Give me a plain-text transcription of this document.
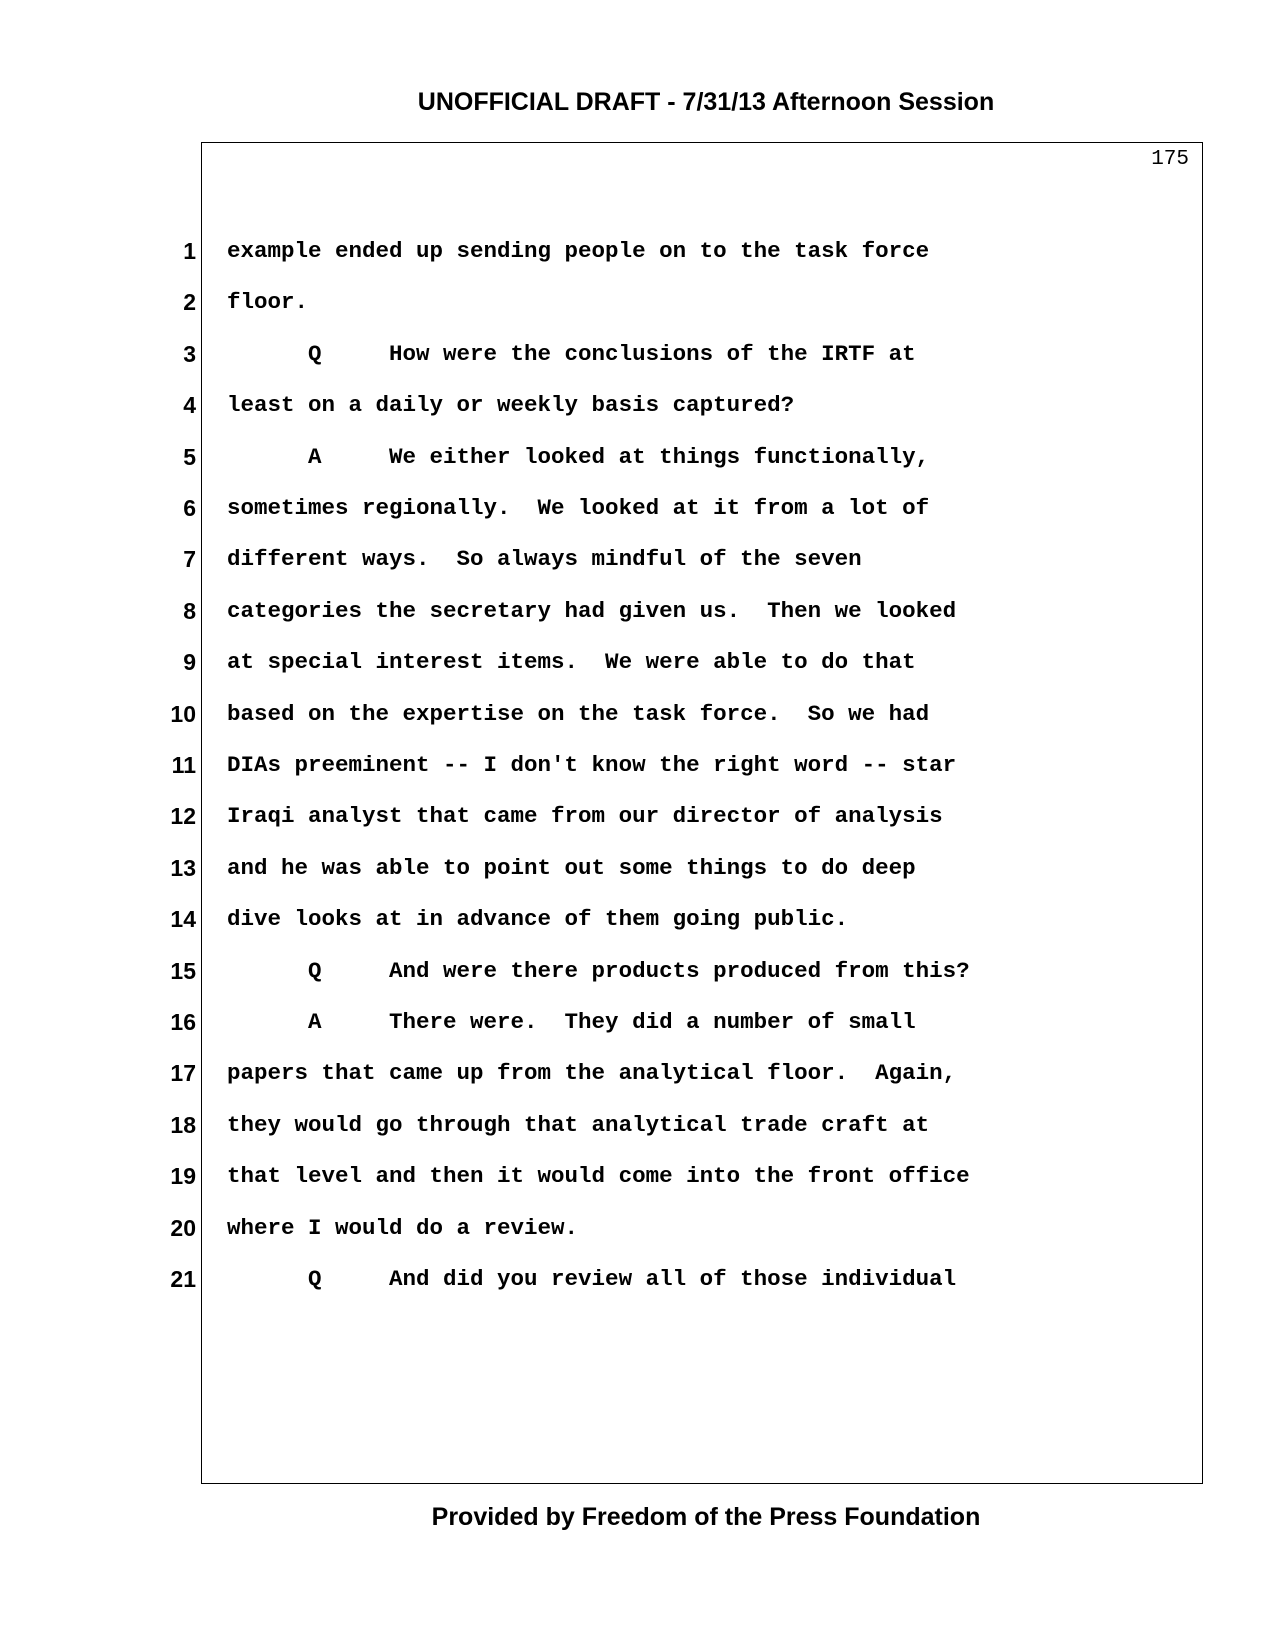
UNOFFICIAL DRAFT - 7/31/13 Afternoon Session
175
1 example ended up sending people on to the task force
2 floor.
3 Q     How were the conclusions of the IRTF at
4 least on a daily or weekly basis captured?
5 A     We either looked at things functionally,
6 sometimes regionally.  We looked at it from a lot of
7 different ways.  So always mindful of the seven
8 categories the secretary had given us.  Then we looked
9 at special interest items.  We were able to do that
10 based on the expertise on the task force.  So we had
11 DIAs preeminent -- I don't know the right word -- star
12 Iraqi analyst that came from our director of analysis
13 and he was able to point out some things to do deep
14 dive looks at in advance of them going public.
15 Q     And were there products produced from this?
16 A     There were.  They did a number of small
17 papers that came up from the analytical floor.  Again,
18 they would go through that analytical trade craft at
19 that level and then it would come into the front office
20 where I would do a review.
21 Q     And did you review all of those individual
Provided by Freedom of the Press Foundation
